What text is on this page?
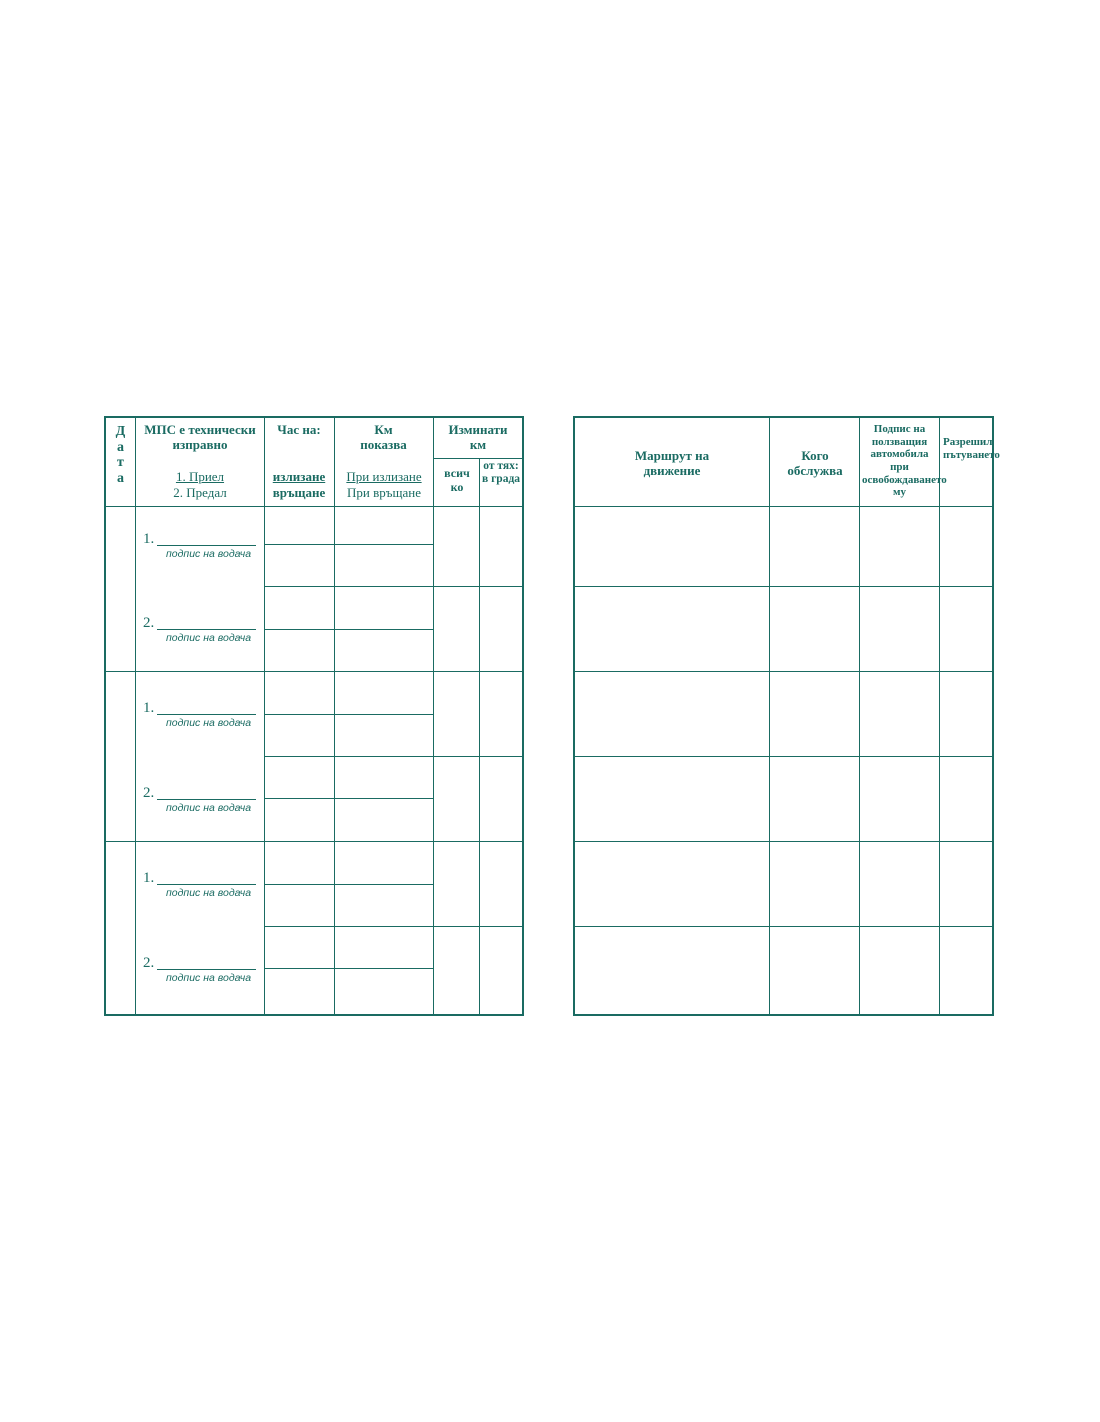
Д
а
т
а
МПС е технически изправно
1. Приел
2. Предал
Час на:
излизане
връщане
Км показва
При излизане
При връщане
Изминати км
всич ко
от тях: в града
1.
подпис на водача
2.
подпис на водача
1.
подпис на водача
2.
подпис на водача
1.
подпис на водача
2.
подпис на водача
Маршрут на движение
Кого обслужва
Подпис на ползващия автомобила при освобождаването му
Разрешил пътуването
